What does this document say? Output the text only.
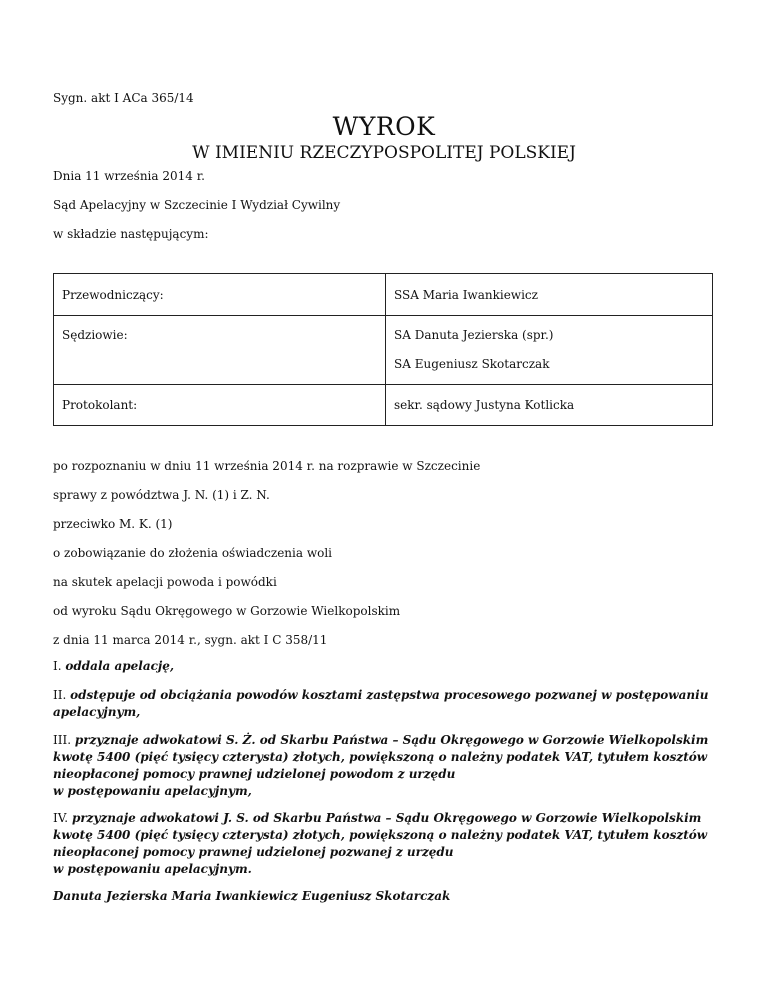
Sygn. akt I ACa 365/14
WYROK
W IMIENIU RZECZYPOSPOLITEJ POLSKIEJ
Dnia 11 września 2014 r.
Sąd Apelacyjny w Szczecinie I Wydział Cywilny
w składzie następującym:
Przewodniczący:	SSA Maria Iwankiewicz

Sędziowie:	SA Danuta Jezierska (spr.)
SA Eugeniusz Skotarczak

Protokolant:	sekr. sądowy Justyna Kotlicka
po rozpoznaniu w dniu 11 września 2014 r. na rozprawie w Szczecinie
sprawy z powództwa J. N. (1) i Z. N.
przeciwko M. K. (1)
o zobowiązanie do złożenia oświadczenia woli
na skutek apelacji powoda i powódki
od wyroku Sądu Okręgowego w Gorzowie Wielkopolskim
z dnia 11 marca 2014 r., sygn. akt I C 358/11
I. oddala apelację,
II. odstępuje od obciążania powodów kosztami zastępstwa procesowego pozwanej w postępowaniu
apelacyjnym,
III. przyznaje adwokatowi S. Ż. od Skarbu Państwa – Sądu Okręgowego w Gorzowie Wielkopolskim
kwotę 5400 (pięć tysięcy czterysta) złotych, powiększoną o należny podatek VAT, tytułem kosztów
nieopłaconej pomocy prawnej udzielonej powodom z urzędu
w postępowaniu apelacyjnym,
IV. przyznaje adwokatowi J. S. od Skarbu Państwa – Sądu Okręgowego w Gorzowie Wielkopolskim
kwotę 5400 (pięć tysięcy czterysta) złotych, powiększoną o należny podatek VAT, tytułem kosztów
nieopłaconej pomocy prawnej udzielonej pozwanej z urzędu
w postępowaniu apelacyjnym.
Danuta Jezierska Maria Iwankiewicz Eugeniusz Skotarczak
